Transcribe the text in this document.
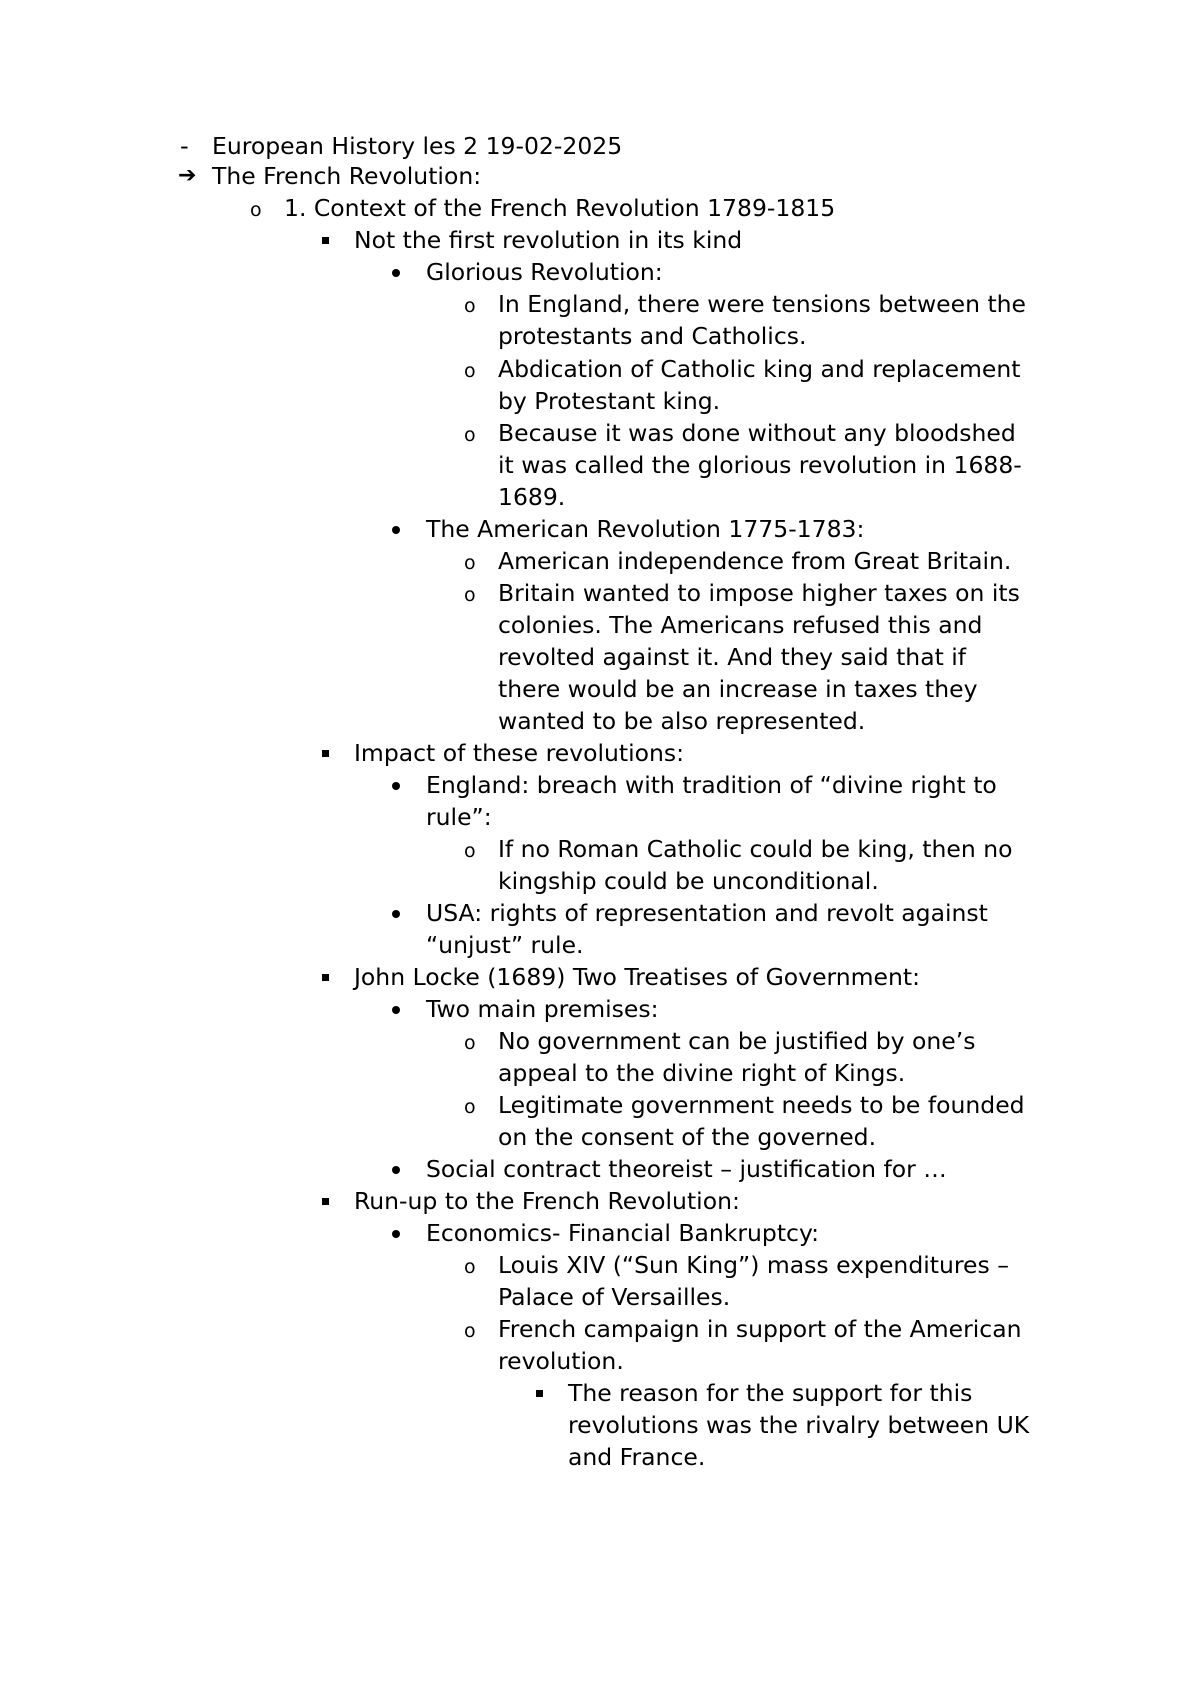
- European History les 2 19-02-2025
➔ The French Revolution:
o 1. Context of the French Revolution 1789-1815
Not the first revolution in its kind
Glorious Revolution:
o In England, there were tensions between the
protestants and Catholics.
o Abdication of Catholic king and replacement
by Protestant king.
o Because it was done without any bloodshed
it was called the glorious revolution in 1688-
1689.
The American Revolution 1775-1783:
o American independence from Great Britain.
o Britain wanted to impose higher taxes on its
colonies. The Americans refused this and
revolted against it. And they said that if
there would be an increase in taxes they
wanted to be also represented.
Impact of these revolutions:
England: breach with tradition of “divine right to
rule”:
o If no Roman Catholic could be king, then no
kingship could be unconditional.
USA: rights of representation and revolt against
“unjust” rule.
John Locke (1689) Two Treatises of Government:
Two main premises:
o No government can be justified by one’s
appeal to the divine right of Kings.
o Legitimate government needs to be founded
on the consent of the governed.
Social contract theoreist – justification for …
Run-up to the French Revolution:
Economics- Financial Bankruptcy:
o Louis XIV (“Sun King”) mass expenditures –
Palace of Versailles.
o French campaign in support of the American
revolution.
The reason for the support for this
revolutions was the rivalry between UK
and France.
